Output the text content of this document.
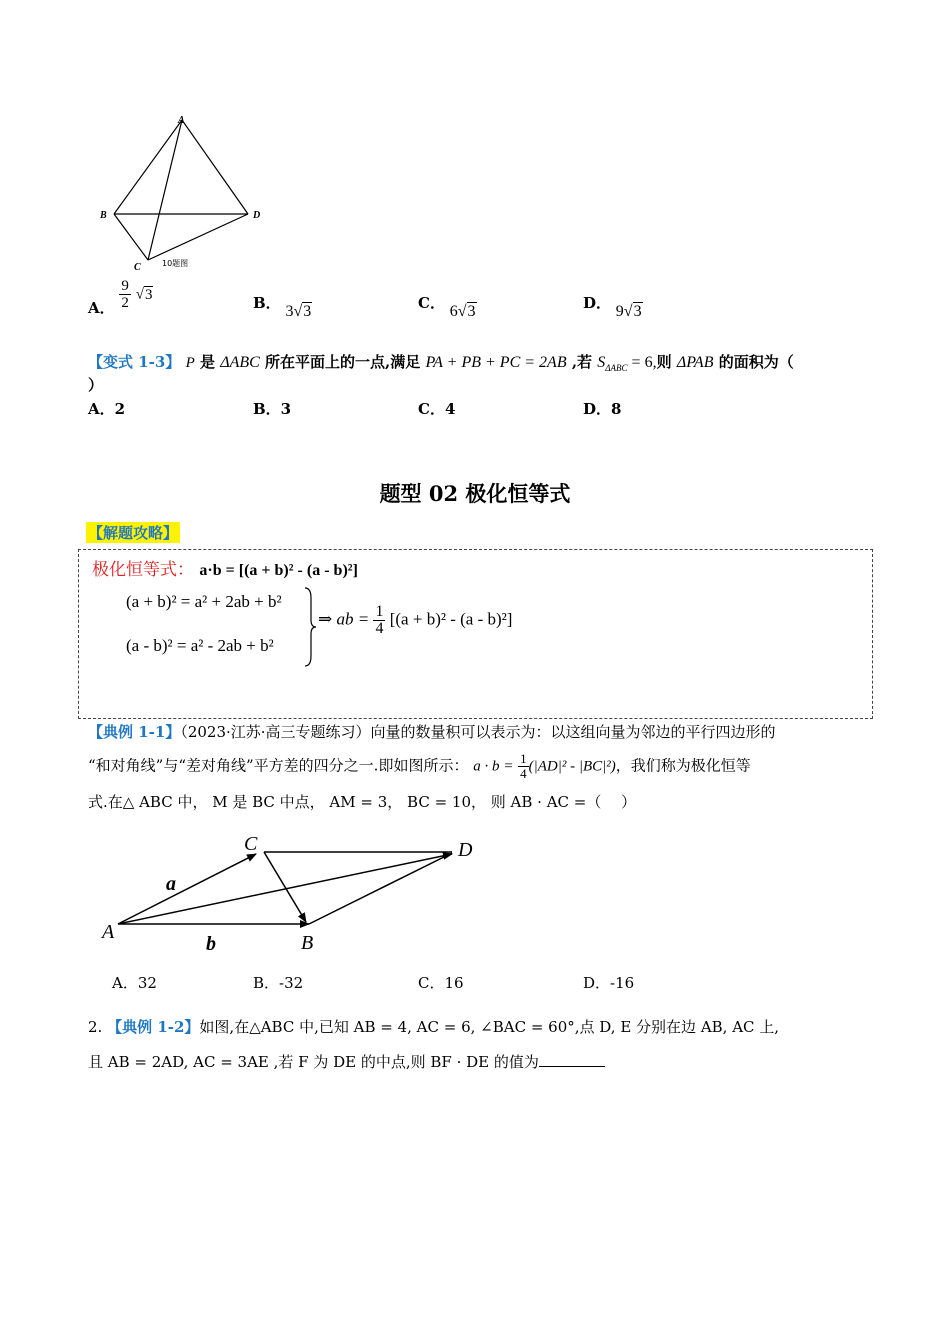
A
B	D
C	10题图
A． $\frac{9}{2} √3$	B． 3√3	C． 6√3	D． 9√3
【变式 1-3】 P 是 ΔABC 所在平面上的一点,满足 PA + PB + PC = 2AB ,若 $S_{\Delta ABC} = 6$,则 ΔPAB 的面积为（
）
A．2	B．3	C．4	D．8
题型 02 极化恒等式
【解题攻略】
极化恒等式： a·b = [(a + b)² - (a - b)²]
(a + b)² = a² + 2ab + b²
(a - b)² = a² - 2ab + b²
⇒ ab = $\frac{1}{4} [(a + b)^2 - (a - b)^2]$
【典例 1-1】（2023·江苏·高三专题练习）向量的数量积可以表示为：以这组向量为邻边的平行四边形的
“和对角线”与“差对角线”平方差的四分之一.即如图所示： $a \cdot b = \frac{1}{4} (|AD|^2 - |BC|^2)$，我们称为极化恒等
式.在△ ABC 中， M 是 BC 中点， AM = 3， BC = 10， 则 AB · AC =（　 ）
C	D
A	B
a
b
A．32	B．-32	C．16	D．-16
2. 【典例 1-2】如图,在△ABC 中,已知 AB = 4, AC = 6, ∠BAC = 60°,点 D, E 分别在边 AB, AC 上,
且 AB = 2AD, AC = 3AE ,若 F 为 DE 的中点,则 BF · DE 的值为
